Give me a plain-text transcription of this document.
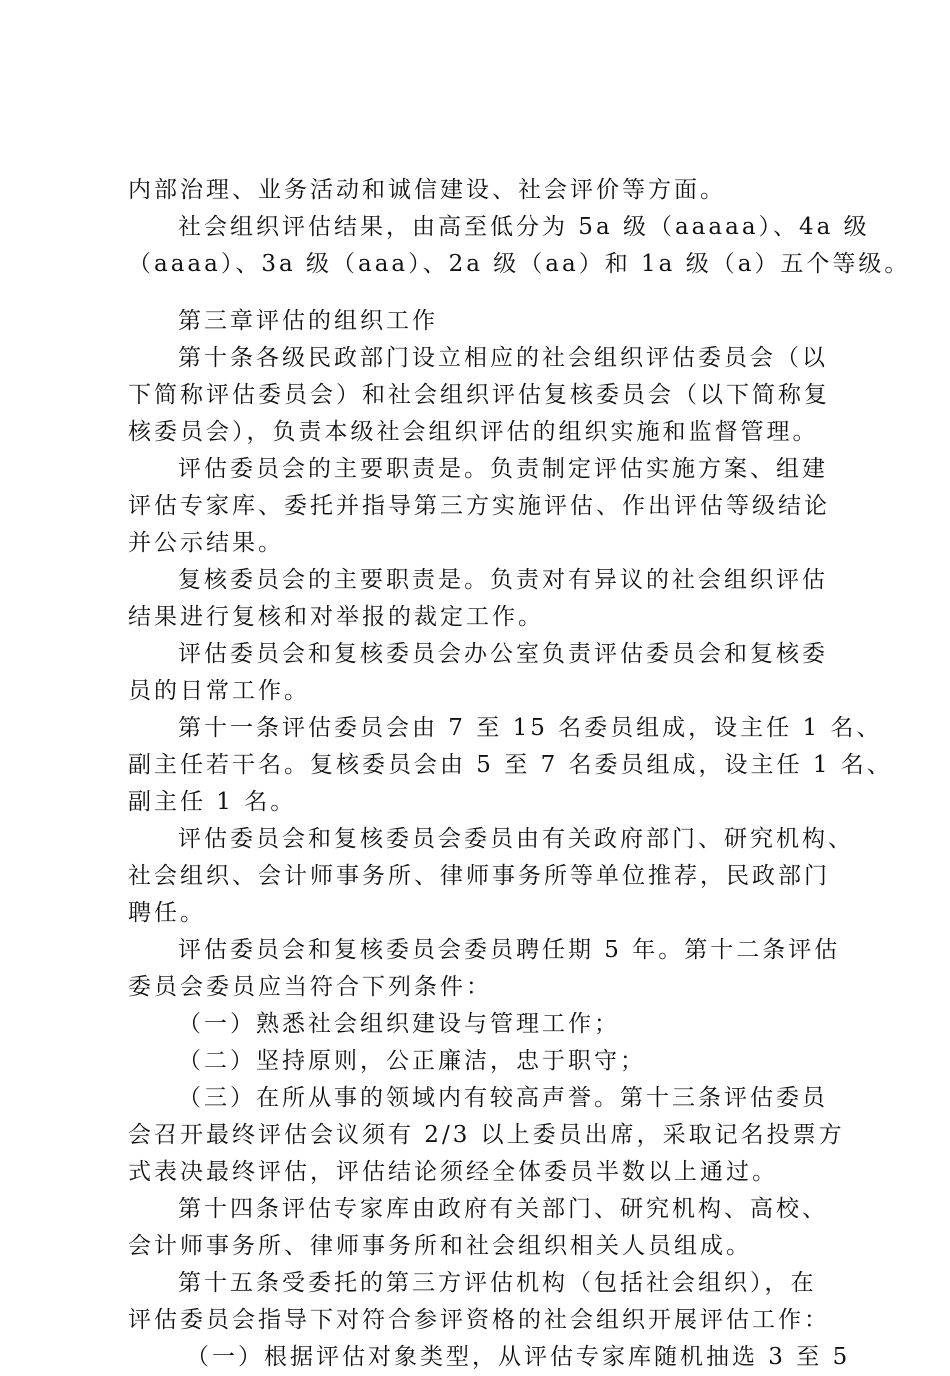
内部治理、业务活动和诚信建设、社会评价等方面。
社会组织评估结果，由高至低分为 5a 级（aaaaa）、4a 级
（aaaa）、3a 级（aaa）、2a 级（aa）和 1a 级（a）五个等级。
第三章评估的组织工作
第十条各级民政部门设立相应的社会组织评估委员会（以
下简称评估委员会）和社会组织评估复核委员会（以下简称复
核委员会），负责本级社会组织评估的组织实施和监督管理。
评估委员会的主要职责是。负责制定评估实施方案、组建
评估专家库、委托并指导第三方实施评估、作出评估等级结论
并公示结果。
复核委员会的主要职责是。负责对有异议的社会组织评估
结果进行复核和对举报的裁定工作。
评估委员会和复核委员会办公室负责评估委员会和复核委
员的日常工作。
第十一条评估委员会由 7 至 15 名委员组成，设主任 1 名、
副主任若干名。复核委员会由 5 至 7 名委员组成，设主任 1 名、
副主任 1 名。
评估委员会和复核委员会委员由有关政府部门、研究机构、
社会组织、会计师事务所、律师事务所等单位推荐，民政部门
聘任。
评估委员会和复核委员会委员聘任期 5 年。第十二条评估
委员会委员应当符合下列条件：
（一）熟悉社会组织建设与管理工作；
（二）坚持原则，公正廉洁，忠于职守；
（三）在所从事的领域内有较高声誉。第十三条评估委员
会召开最终评估会议须有 2/3 以上委员出席，采取记名投票方
式表决最终评估，评估结论须经全体委员半数以上通过。
第十四条评估专家库由政府有关部门、研究机构、高校、
会计师事务所、律师事务所和社会组织相关人员组成。
第十五条受委托的第三方评估机构（包括社会组织），在
评估委员会指导下对符合参评资格的社会组织开展评估工作：
（一）根据评估对象类型，从评估专家库随机抽选 3 至 5
